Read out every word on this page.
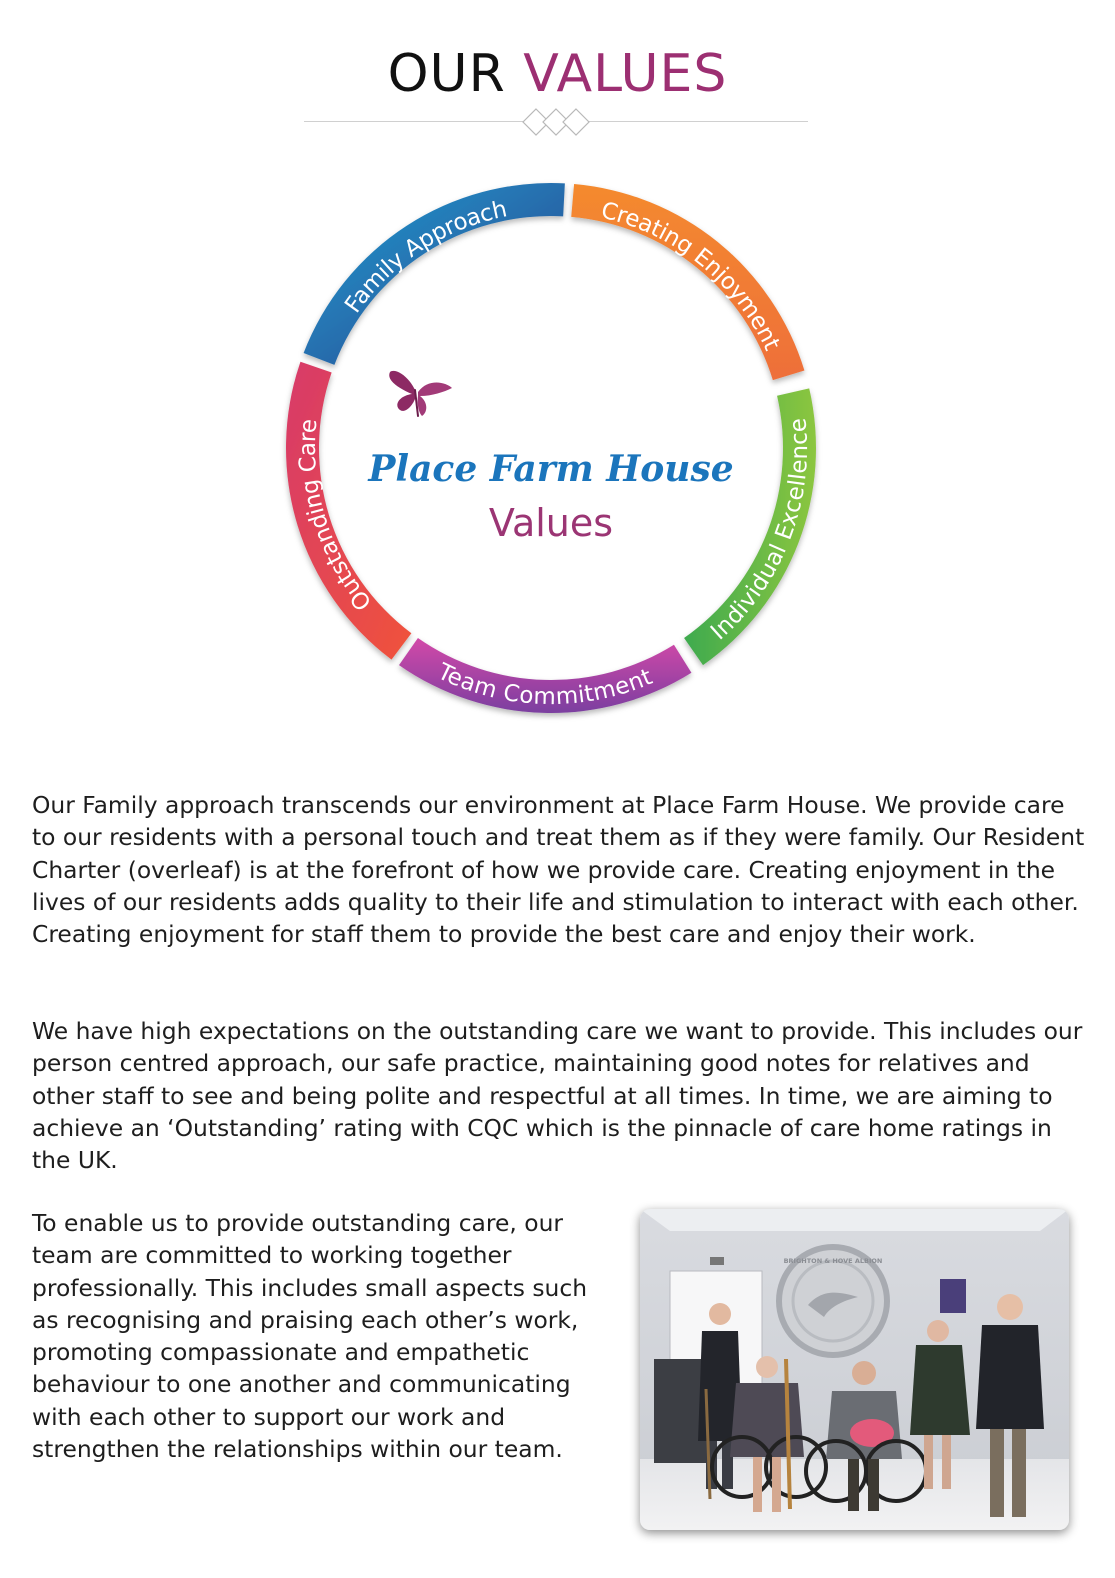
OUR VALUES
Outstanding Care
Family Approach	Creating Enjoyment
Individual Excellence
Team Commitment
Place Farm House
Values

Our Family approach transcends our environment at Place Farm House. We provide care to our residents with a personal touch and treat them as if they were family. Our Resident Charter (overleaf) is at the forefront of how we provide care. Creating enjoyment in the lives of our residents adds quality to their life and stimulation to interact with each other. Creating enjoyment for staff them to provide the best care and enjoy their work.

We have high expectations on the outstanding care we want to provide. This includes our person centred approach, our safe practice, maintaining good notes for relatives and other staff to see and being polite and respectful at all times. In time, we are aiming to achieve an ‘Outstanding’ rating with CQC which is the pinnacle of care home ratings in the UK.

To enable us to provide outstanding care, our team are committed to working together professionally. This includes small aspects such as recognising and praising each other’s work, promoting compassionate and empathetic behaviour to one another and communicating with each other to support our work and strengthen the relationships within our team.

BRIGHTON & HOVE ALBION
